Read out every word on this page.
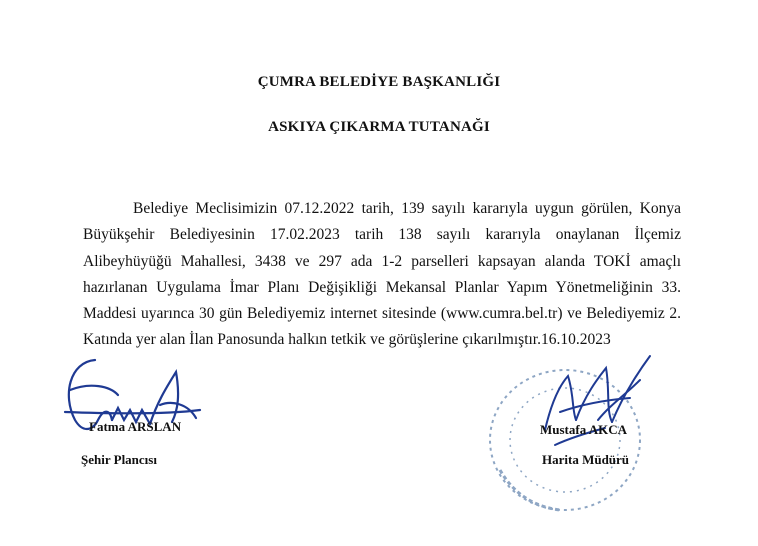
ÇUMRA BELEDİYE BAŞKANLIĞI
ASKIYA ÇIKARMA TUTANAĞI
Belediye Meclisimizin 07.12.2022 tarih, 139 sayılı kararıyla uygun görülen, Konya Büyükşehir Belediyesinin 17.02.2023 tarih 138 sayılı kararıyla onaylanan İlçemiz Alibeyhüyüğü Mahallesi, 3438 ve 297 ada 1-2 parselleri kapsayan alanda TOKİ amaçlı hazırlanan Uygulama İmar Planı Değişikliği Mekansal Planlar Yapım Yönetmeliğinin 33. Maddesi uyarınca 30 gün Belediyemiz internet sitesinde (www.cumra.bel.tr) ve Belediyemiz 2. Katında yer alan İlan Panosunda halkın tetkik ve görüşlerine çıkarılmıştır.16.10.2023
Fatma ARSLAN
Şehir Plancısı
Mustafa AKCA
Harita Müdürü
